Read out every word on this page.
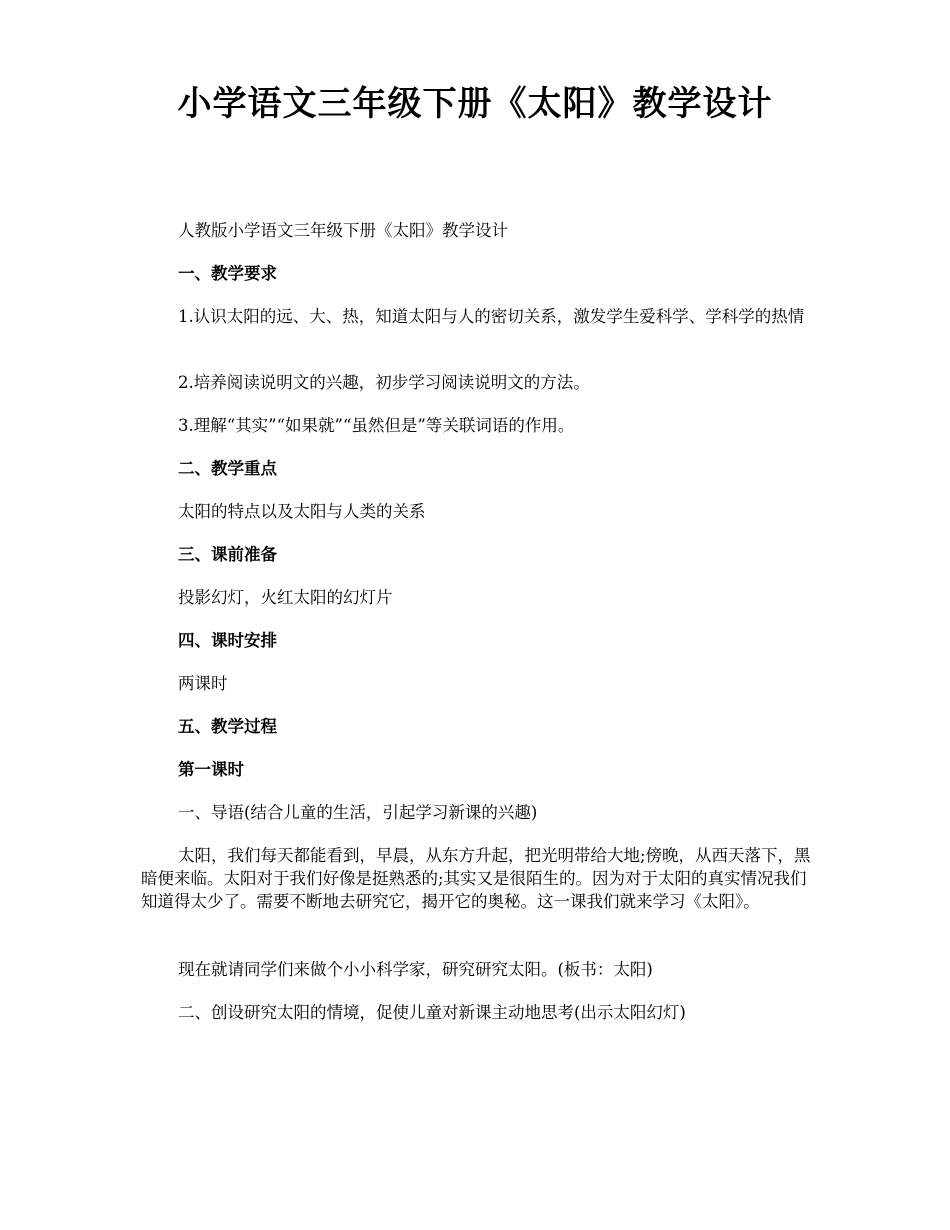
小学语文三年级下册《太阳》教学设计

人教版小学语文三年级下册《太阳》教学设计

一、教学要求

1.认识太阳的远、大、热，知道太阳与人的密切关系，激发学生爱科学、学科学的热情

2.培养阅读说明文的兴趣，初步学习阅读说明文的方法。

3.理解“其实”“如果就”“虽然但是”等关联词语的作用。

二、教学重点

太阳的特点以及太阳与人类的关系

三、课前准备

投影幻灯，火红太阳的幻灯片

四、课时安排

两课时

五、教学过程

第一课时

一、导语(结合儿童的生活，引起学习新课的兴趣)

太阳，我们每天都能看到，早晨，从东方升起，把光明带给大地;傍晚，从西天落下，黑暗便来临。太阳对于我们好像是挺熟悉的;其实又是很陌生的。因为对于太阳的真实情况我们知道得太少了。需要不断地去研究它，揭开它的奥秘。这一课我们就来学习《太阳》。

现在就请同学们来做个小小科学家，研究研究太阳。(板书：太阳)

二、创设研究太阳的情境，促使儿童对新课主动地思考(出示太阳幻灯)
